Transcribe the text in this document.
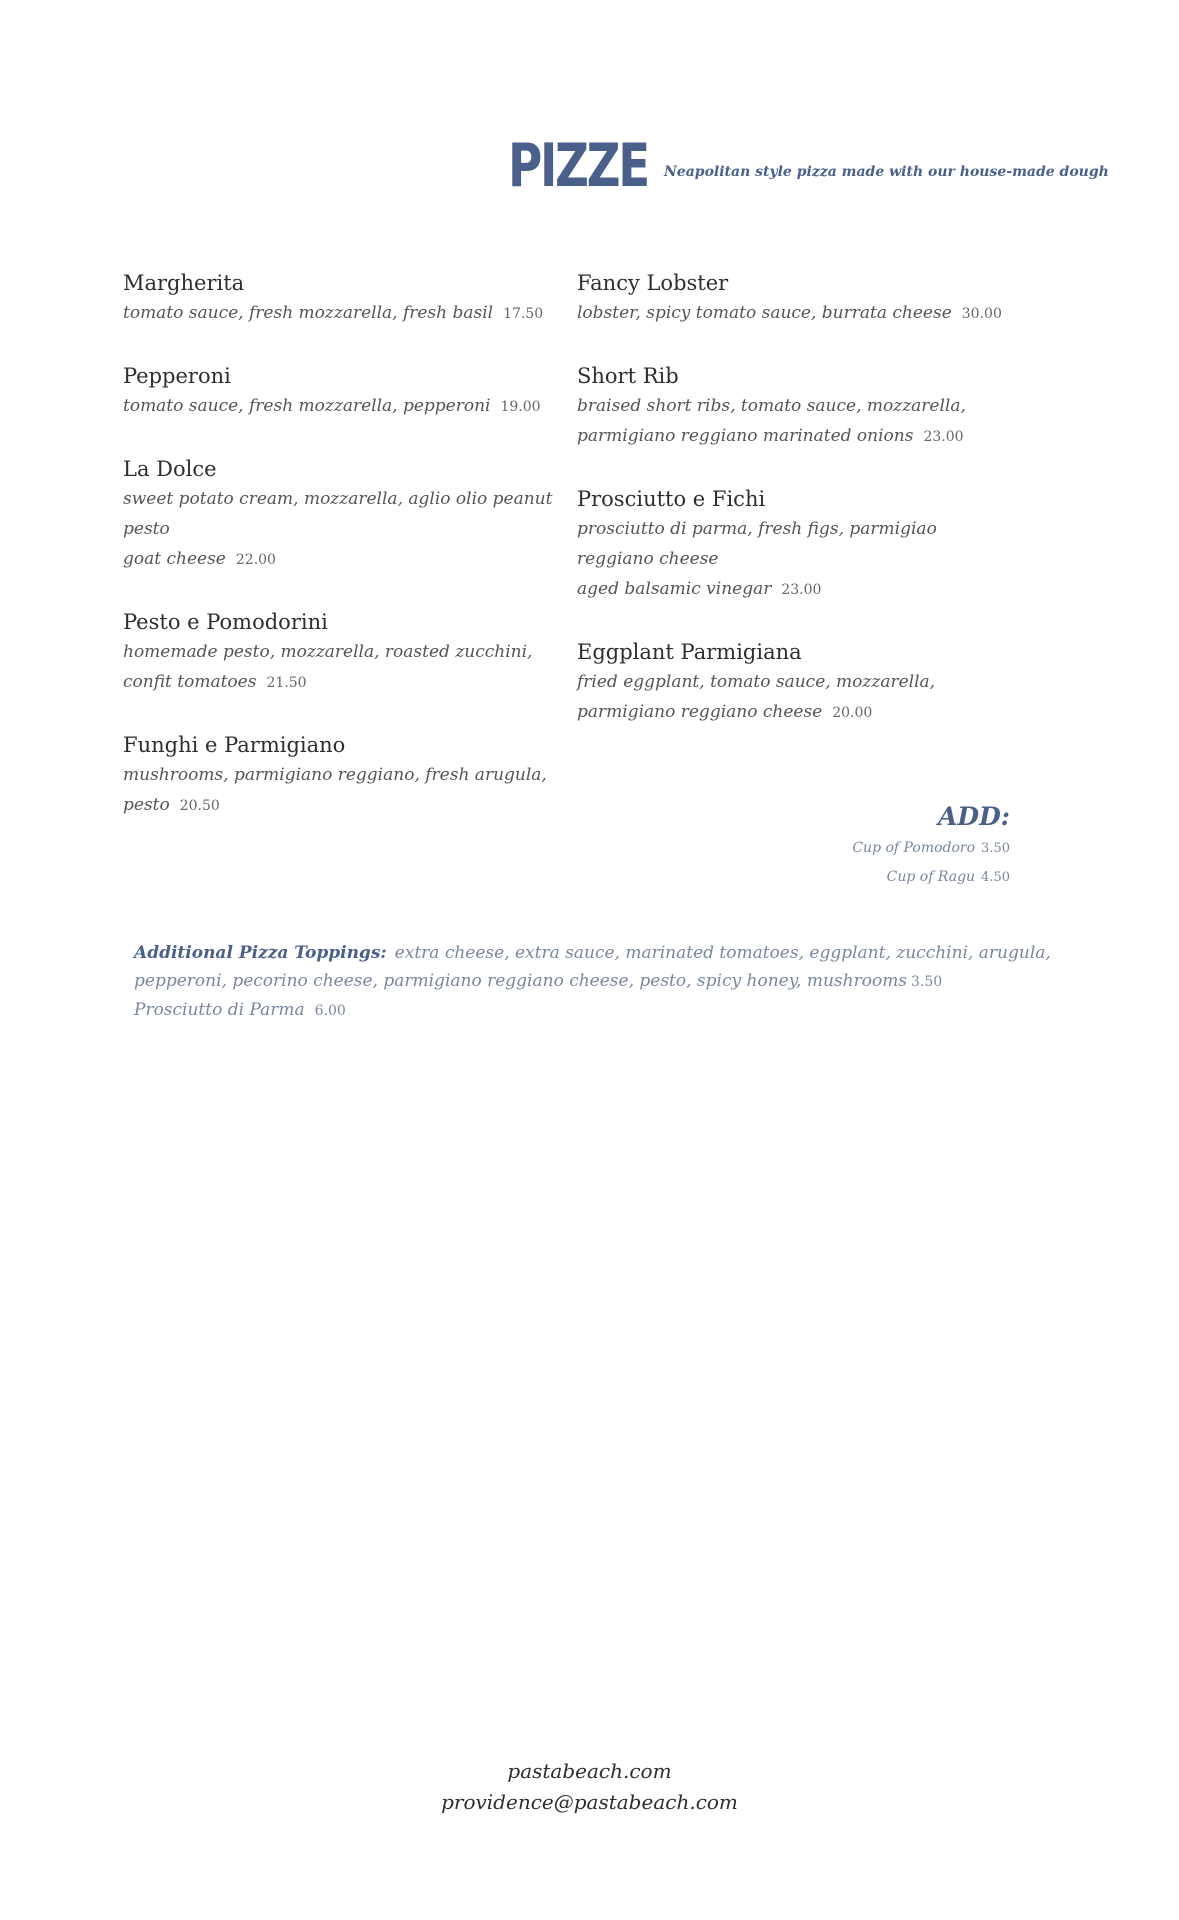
PIZZE Neapolitan style pizza made with our house-made dough
Margherita
tomato sauce, fresh mozzarella, fresh basil 17.50
Pepperoni
tomato sauce, fresh mozzarella, pepperoni 19.00
La Dolce
sweet potato cream, mozzarella, aglio olio peanut pesto
goat cheese 22.00
Pesto e Pomodorini
homemade pesto, mozzarella, roasted zucchini,
confit tomatoes 21.50
Funghi e Parmigiano
mushrooms, parmigiano reggiano, fresh arugula,
pesto 20.50
Fancy Lobster
lobster, spicy tomato sauce, burrata cheese 30.00
Short Rib
braised short ribs, tomato sauce, mozzarella,
parmigiano reggiano marinated onions 23.00
Prosciutto e Fichi
prosciutto di parma, fresh figs, parmigiao reggiano cheese
aged balsamic vinegar 23.00
Eggplant Parmigiana
fried eggplant, tomato sauce, mozzarella,
parmigiano reggiano cheese 20.00
ADD:
Cup of Pomodoro 3.50
Cup of Ragu 4.50
Additional Pizza Toppings: extra cheese, extra sauce, marinated tomatoes, eggplant, zucchini, arugula, pepperoni, pecorino cheese, parmigiano reggiano cheese, pesto, spicy honey, mushrooms 3.50
Prosciutto di Parma 6.00
pastabeach.com
providence@pastabeach.com
